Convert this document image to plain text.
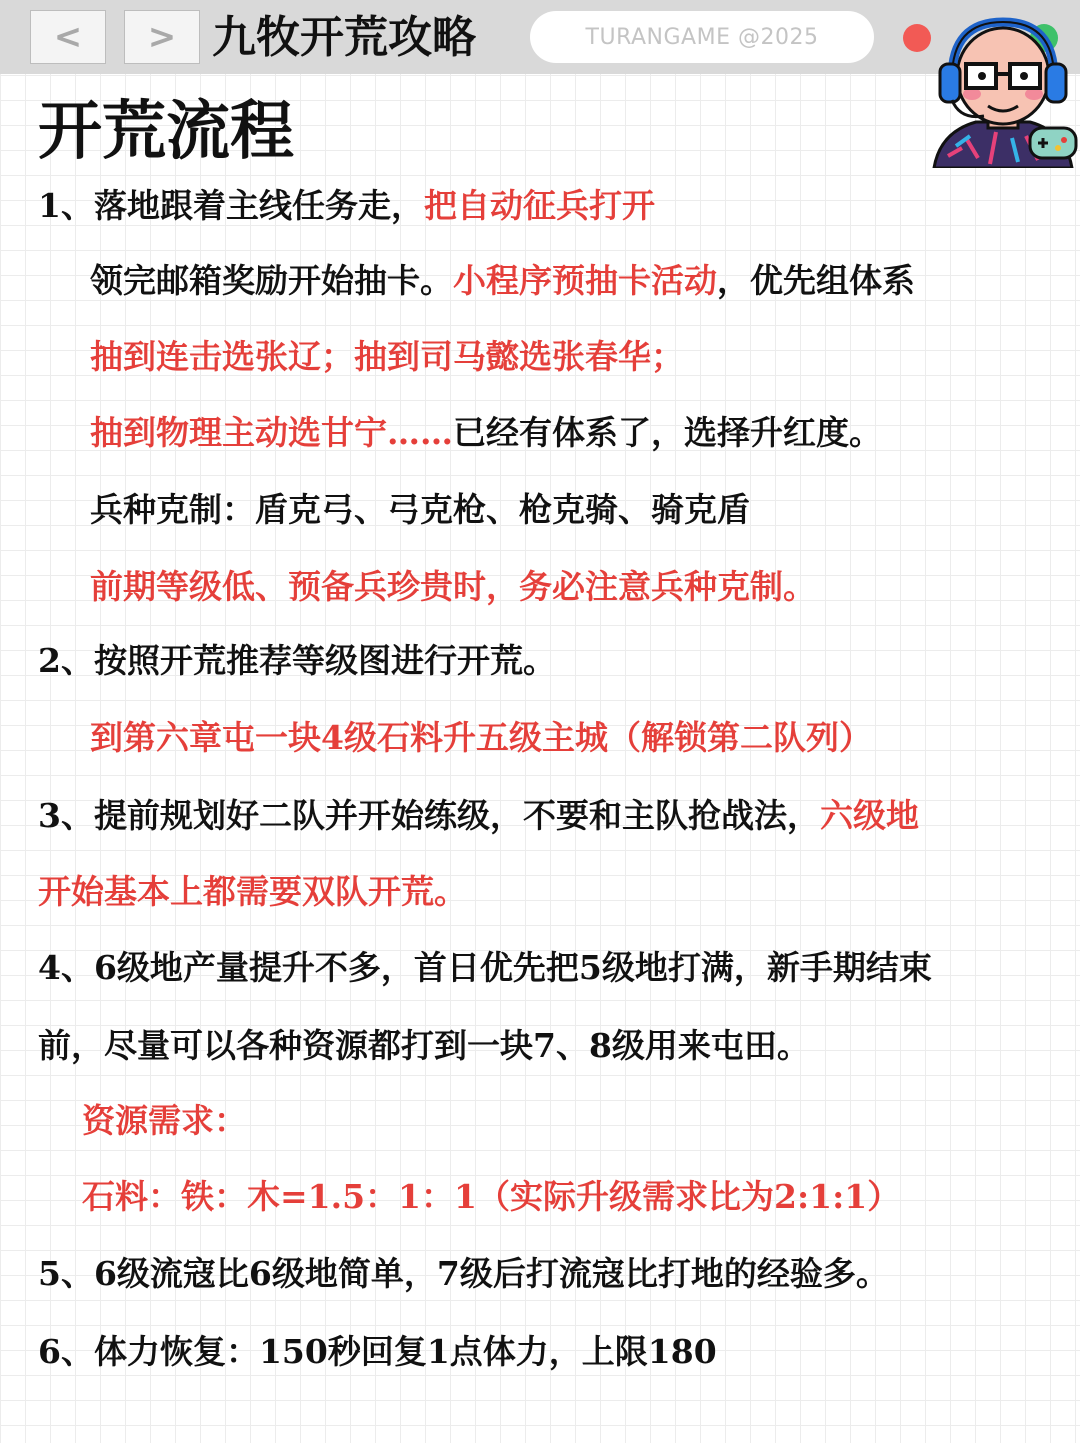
< > 九牧开荒攻略	TURANGAME @2025
开荒流程
1、落地跟着主线任务走，把自动征兵打开
领完邮箱奖励开始抽卡。小程序预抽卡活动，优先组体系
抽到连击选张辽；抽到司马懿选张春华；
抽到物理主动选甘宁……已经有体系了，选择升红度。
兵种克制：盾克弓、弓克枪、枪克骑、骑克盾
前期等级低、预备兵珍贵时，务必注意兵种克制。
2、按照开荒推荐等级图进行开荒。
到第六章屯一块4级石料升五级主城（解锁第二队列）
3、提前规划好二队并开始练级，不要和主队抢战法，六级地
开始基本上都需要双队开荒。
4、6级地产量提升不多，首日优先把5级地打满，新手期结束
前，尽量可以各种资源都打到一块7、8级用来屯田。
资源需求：
石料：铁：木=1.5：1：1（实际升级需求比为2:1:1）
5、6级流寇比6级地简单，7级后打流寇比打地的经验多。
6、体力恢复：150秒回复1点体力，上限180
